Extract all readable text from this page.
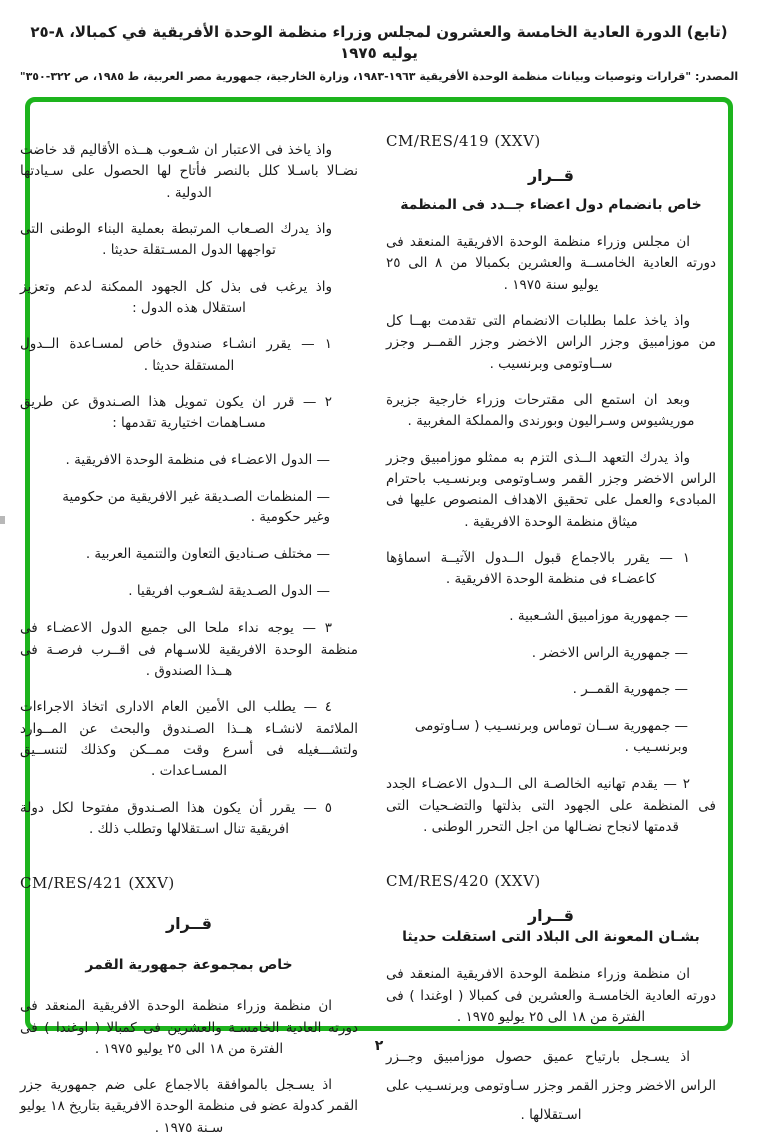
(تابع) الدورة العادية الخامسة والعشرون لمجلس وزراء منظمة الوحدة الأفريقية في كمبالا، ٨-٢٥ يوليه ١٩٧٥
المصدر: "قرارات وتوصيات وبيانات منظمة الوحدة الأفريقية ١٩٦٣-١٩٨٣، وزارة الخارجية، جمهورية مصر العربية، ط ١٩٨٥، ص ٣٢٢-٣٥٠"

CM/RES/419 (XXV)

قــرار

خاص بانضمام دول اعضاء جــدد فى المنظمة

ان مجلس وزراء منظمة الوحدة الافريقية المنعقد فى دورته العادية الخامســة والعشرين بكمبالا من ٨ الى ٢٥ يوليو سنة ١٩٧٥ .

واذ ياخذ علما بطلبات الانضمام التى تقدمت بهــا كل من موزامبيق وجزر الراس الاخضر وجزر القمــر وجزر ســاوتومى وبرنسيب .

وبعد ان استمع الى مقترحات وزراء خارجية جزيرة موريشيوس وسـراليون وبورندى والمملكة المغربية .

واذ يدرك التعهد الــذى التزم به ممثلو موزامبيق وجزر الراس الاخضر وجزر القمر وسـاوتومى وبرنسـيب باحترام المبادىء والعمل على تحقيق الاهداف المنصوص عليها فى ميثاق منظمة الوحدة الافريقية .

١ — يقرر بالاجماع قبول الــدول الآتيــة اسماؤها كاعضـاء فى منظمة الوحدة الافريقية .

— جمهورية موزامبيق الشـعبية .

— جمهورية الراس الاخضر .

— جمهورية القمــر .

— جمهورية ســان توماس وبرنسـيب ( سـاوتومى وبرنسـيب .

٢ — يقدم تهانيه الخالصـة الى الــدول الاعضـاء الجدد فى المنظمة على الجهود التى بذلتها والتضـحيات التى قدمتها لانجاح نضـالها من اجل التحرر الوطنى .

CM/RES/420 (XXV)

قــرار

بشـان المعونة الى البلاد التى استقلت حديثا

ان منظمة وزراء منظمة الوحدة الافريقية المنعقد فى دورته العادية الخامسـة والعشرين فى كمبالا ( اوغندا ) فى الفترة من ١٨ الى ٢٥ يوليو ١٩٧٥ .

اذ يسـجل بارتياح عميق حصول موزامبيق وجــزر الراس الاخضر وجزر القمر وجزر سـاوتومى وبرنسـيب على اسـتقلالها .

واذ ياخذ فى الاعتبار ان شـعوب هــذه الأقاليم قد خاضت نضـالا باسـلا كلل بالنصر فأتاح لها الحصول على سـيادتها الدولية .

واذ يدرك الصـعاب المرتبطة بعملية البناء الوطنى التى تواجهها الدول المسـتقلة حديثا .

واذ يرغب فى بذل كل الجهود الممكنة لدعم وتعزيز استقلال هذه الدول :

١ — يقرر انشـاء صندوق خاص لمسـاعدة الــدول المستقلة حديثا .

٢ — قرر ان يكون تمويل هذا الصـندوق عن طريق مسـاهمات اختيارية تقدمها :

— الدول الاعضـاء فى منظمة الوحدة الافريقية .

— المنظمات الصـديقة غير الافريقية من حكومية وغير حكومية .

— مختلف صـناديق التعاون والتنمية العربية .

— الدول الصـديقة لشـعوب افريقيا .

٣ — يوجه نداء ملحا الى جميع الدول الاعضـاء فى منظمة الوحدة الافريقية للاسـهام فى اقــرب فرصـة فى هــذا الصندوق .

٤ — يطلب الى الأمين العام الادارى اتخاذ الاجراءات الملائمة لانشـاء هــذا الصـندوق والبحث عن المــوارد ولتشـــغيله فى أسرع وقت ممــكن وكذلك لتنســيق المسـاعدات .

٥ — يقرر أن يكون هذا الصـندوق مفتوحا لكل دولة افريقية تنال اسـتقلالها وتطلب ذلك .

CM/RES/421 (XXV)

قــرار

خاص بمجموعة جمهورية القمر

ان منظمة وزراء منظمة الوحدة الافريقية المنعقد فى دورته العادية الخامسـة والعشرين فى كمبالا ( اوغندا ) فى الفترة من ١٨ الى ٢٥ يوليو ١٩٧٥ .

اذ يسـجل بالموافقة بالاجماع على ضم جمهورية جزر القمر كدولة عضو فى منظمة الوحدة الافريقية بتاريخ ١٨ يوليو سـنة ١٩٧٥ .

٢
